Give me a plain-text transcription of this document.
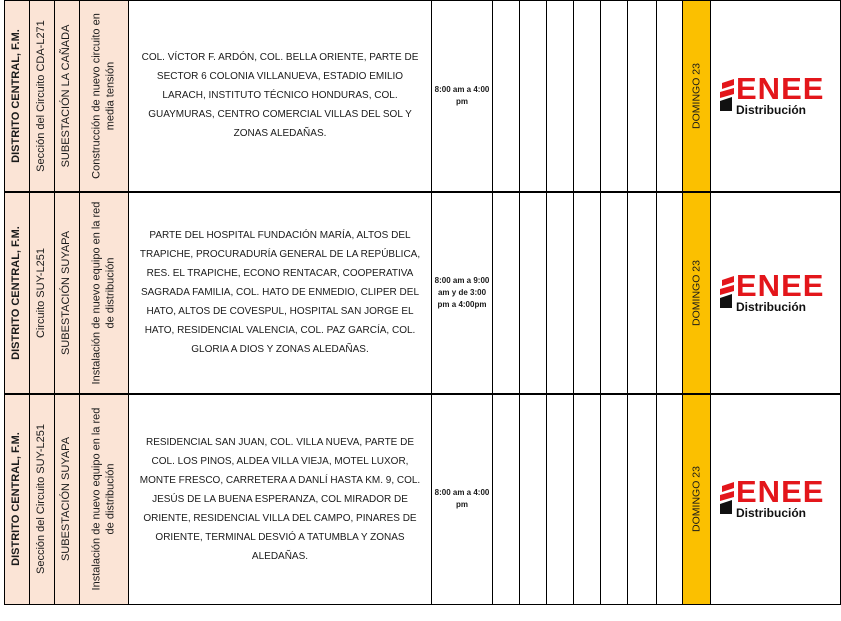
DISTRITO CENTRAL, F.M.	Sección del Circuito CDA-L271	SUBESTACIÓN LA CAÑADA	Construcción de nuevo circuito en media tensión	COL. VÍCTOR F. ARDÓN, COL. BELLA ORIENTE, PARTE DE SECTOR 6 COLONIA VILLANUEVA, ESTADIO EMILIO LARACH, INSTITUTO TÉCNICO HONDURAS, COL. GUAYMURAS, CENTRO COMERCIAL VILLAS DEL SOL Y ZONAS ALEDAÑAS.	8:00 am a 4:00 pm								DOMINGO 23	ENEE
Distribución

DISTRITO CENTRAL, F.M.	Circuito SUY-L251	SUBESTACIÓN SUYAPA	Instalación de nuevo equipo en la red de distribución	PARTE DEL HOSPITAL FUNDACIÓN MARÍA, ALTOS DEL TRAPICHE, PROCURADURÍA GENERAL DE LA REPÚBLICA, RES. EL TRAPICHE, ECONO RENTACAR, COOPERATIVA SAGRADA FAMILIA, COL. HATO DE ENMEDIO, CLIPER DEL HATO, ALTOS DE COVESPUL, HOSPITAL SAN JORGE EL HATO, RESIDENCIAL VALENCIA, COL. PAZ GARCÍA, COL. GLORIA A DIOS Y ZONAS ALEDAÑAS.	8:00 am a 9:00 am y de 3:00 pm a 4:00pm								DOMINGO 23	ENEE
Distribución

DISTRITO CENTRAL, F.M.	Sección del Circuito SUY-L251	SUBESTACIÓN SUYAPA	Instalación de nuevo equipo en la red de distribución	RESIDENCIAL SAN JUAN, COL. VILLA NUEVA, PARTE DE COL. LOS PINOS, ALDEA VILLA VIEJA, MOTEL LUXOR, MONTE FRESCO, CARRETERA A DANLÍ HASTA KM. 9, COL. JESÚS DE LA BUENA ESPERANZA, COL MIRADOR DE ORIENTE, RESIDENCIAL VILLA DEL CAMPO, PINARES DE ORIENTE, TERMINAL DESVIÓ A TATUMBLA Y ZONAS ALEDAÑAS.	8:00 am a 4:00 pm								DOMINGO 23	ENEE
Distribución
